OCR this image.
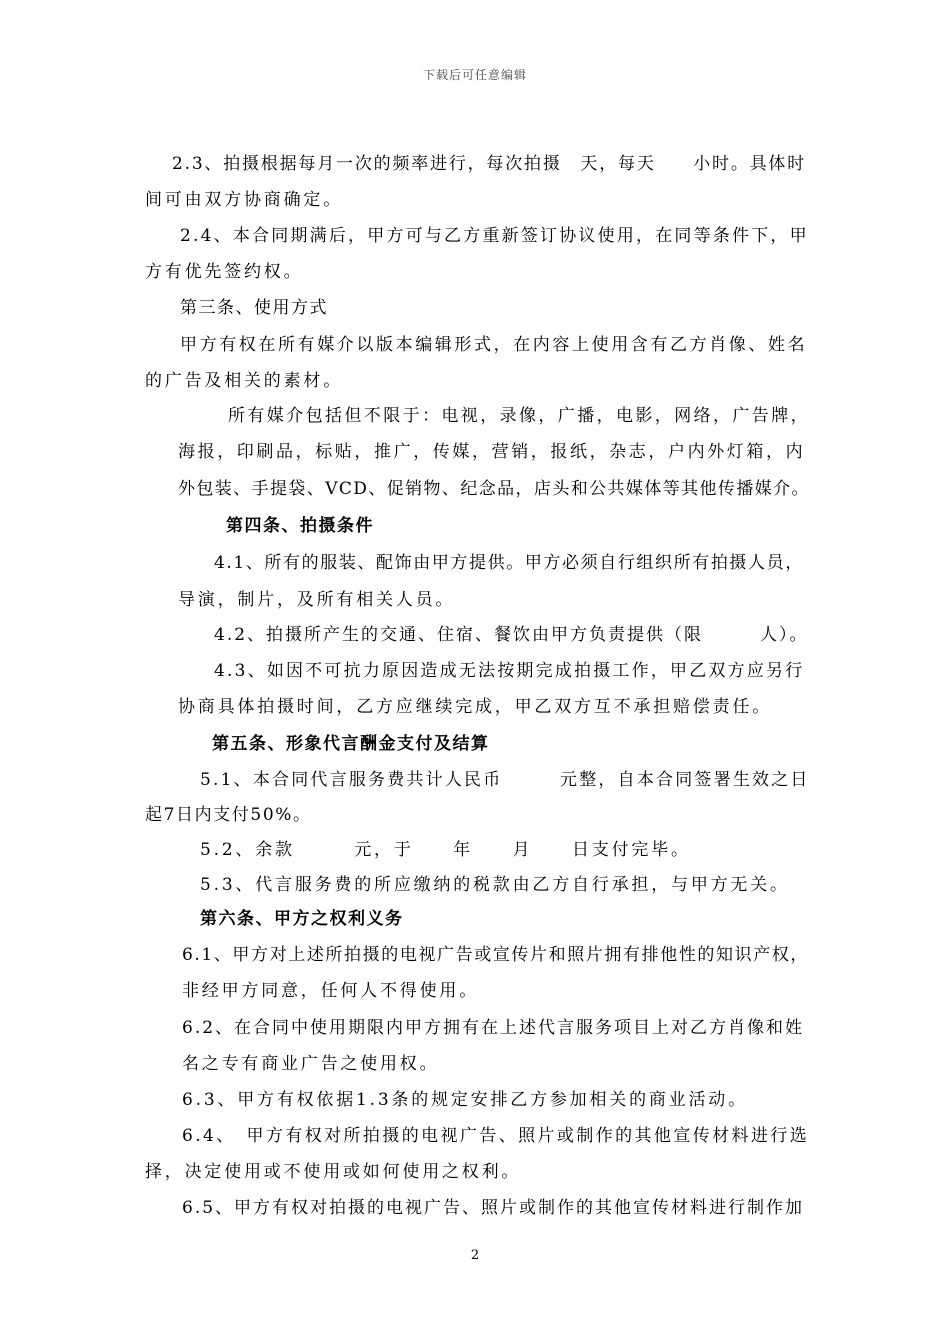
下载后可任意编辑
2.3、拍摄根据每月一次的频率进行，每次拍摄　天，每天　　小时。具体时
间可由双方协商确定。
2.4、本合同期满后，甲方可与乙方重新签订协议使用，在同等条件下，甲
方有优先签约权。
第三条、使用方式
甲方有权在所有媒介以版本编辑形式，在内容上使用含有乙方肖像、姓名
的广告及相关的素材。
所有媒介包括但不限于：电视，录像，广播，电影，网络，广告牌，
海报，印刷品，标贴，推广，传媒，营销，报纸，杂志，户内外灯箱，内
外包装、手提袋、VCD、促销物、纪念品，店头和公共媒体等其他传播媒介。
第四条、拍摄条件
4.1、所有的服装、配饰由甲方提供。甲方必须自行组织所有拍摄人员，
导演，制片，及所有相关人员。
4.2、拍摄所产生的交通、住宿、餐饮由甲方负责提供（限　　　人）。
4.3、如因不可抗力原因造成无法按期完成拍摄工作，甲乙双方应另行
协商具体拍摄时间，乙方应继续完成，甲乙双方互不承担赔偿责任。
第五条、形象代言酬金支付及结算
5.1、本合同代言服务费共计人民币　　　元整，自本合同签署生效之日
起7日内支付50%。
5.2、余款　　　元，于　　年　　月　　日支付完毕。
5.3、代言服务费的所应缴纳的税款由乙方自行承担，与甲方无关。
第六条、甲方之权利义务
6.1、甲方对上述所拍摄的电视广告或宣传片和照片拥有排他性的知识产权，
非经甲方同意，任何人不得使用。
6.2、在合同中使用期限内甲方拥有在上述代言服务项目上对乙方肖像和姓
名之专有商业广告之使用权。
6.3、甲方有权依据1.3条的规定安排乙方参加相关的商业活动。
6.4、　甲方有权对所拍摄的电视广告、照片或制作的其他宣传材料进行选
择，决定使用或不使用或如何使用之权利。
6.5、甲方有权对拍摄的电视广告、照片或制作的其他宣传材料进行制作加
2
